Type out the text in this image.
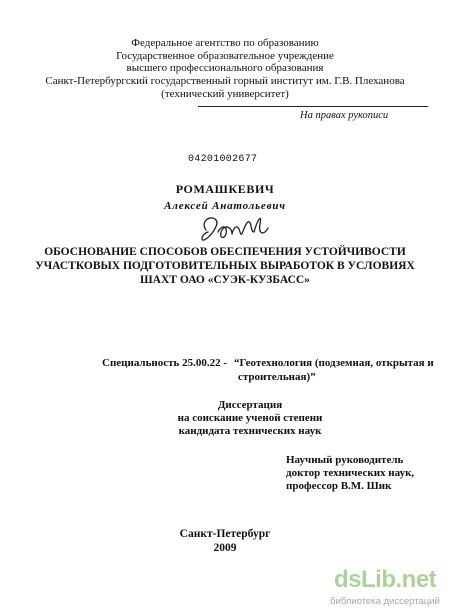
Федеральное агентство по образованию
Государственное образовательное учреждение
высшего профессионального образования
Санкт-Петербургский государственный горный институт им. Г.В. Плеханова
(технический университет)
На правах рукописи
04201002677
РОМАШКЕВИЧ
Алексей Анатольевич
ОБОСНОВАНИЕ СПОСОБОВ ОБЕСПЕЧЕНИЯ УСТОЙЧИВОСТИ
УЧАСТКОВЫХ ПОДГОТОВИТЕЛЬНЫХ ВЫРАБОТОК В УСЛОВИЯХ
ШАХТ ОАО «СУЭК-КУЗБАСС»
Специальность 25.00.22 - “Геотехнология (подземная, открытая и
строительная)”
Диссертация
на соискание ученой степени
кандидата технических наук
Научный руководитель
доктор технических наук,
профессор В.М. Шик
Санкт-Петербург
2009
dsLib.net
библиотека диссертаций
